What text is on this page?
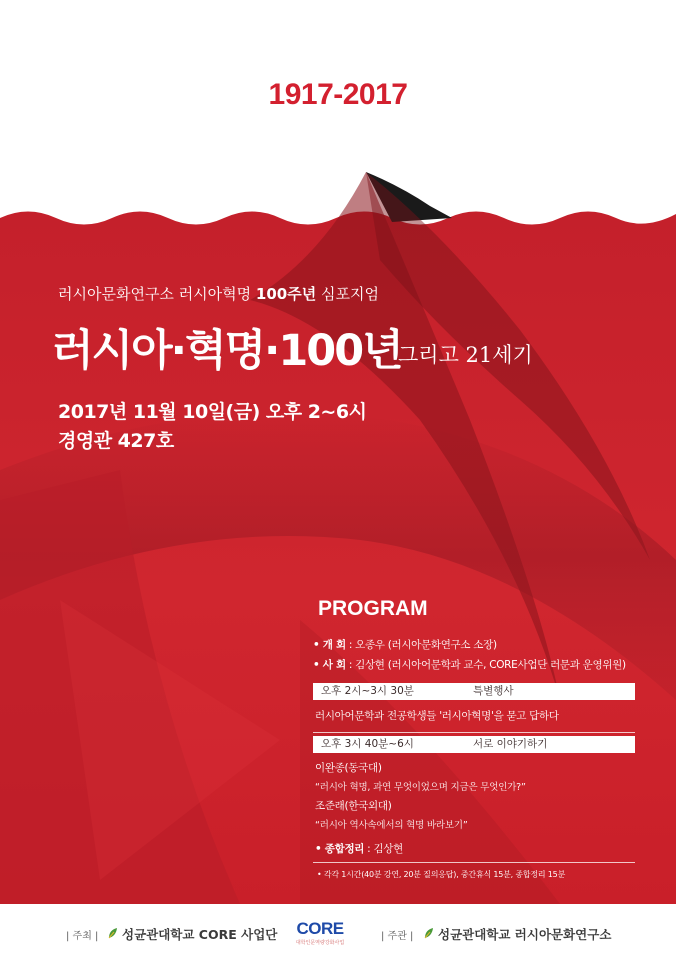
1917-2017
러시아문화연구소 러시아혁명 100주년 심포지엄
러시아·혁명·100년
그리고 21세기
2017년 11월 10일(금) 오후 2~6시
경영관 427호
PROGRAM
• 개 회 : 오종우 (러시아문화연구소 소장)
• 사 회 : 김상현 (러시아어문학과 교수, CORE사업단 러문과 운영위원)
오후 2시~3시 30분	특별행사
러시아어문학과 전공학생들 '러시아혁명'을 묻고 답하다
오후 3시 40분~6시	서로 이야기하기
이완종(동국대)
“러시아 혁명, 과연 무엇이었으며 지금은 무엇인가?”
조준래(한국외대)
“러시아 역사속에서의 혁명 바라보기”
• 종합정리 : 김상현
• 각각 1시간(40분 강연, 20분 질의응답), 중간휴식 15분, 종합정리 15분
| 주최 | 성균관대학교 CORE 사업단	| 주관 | 성균관대학교 러시아문화연구소
CORE
대학인문역량강화사업
